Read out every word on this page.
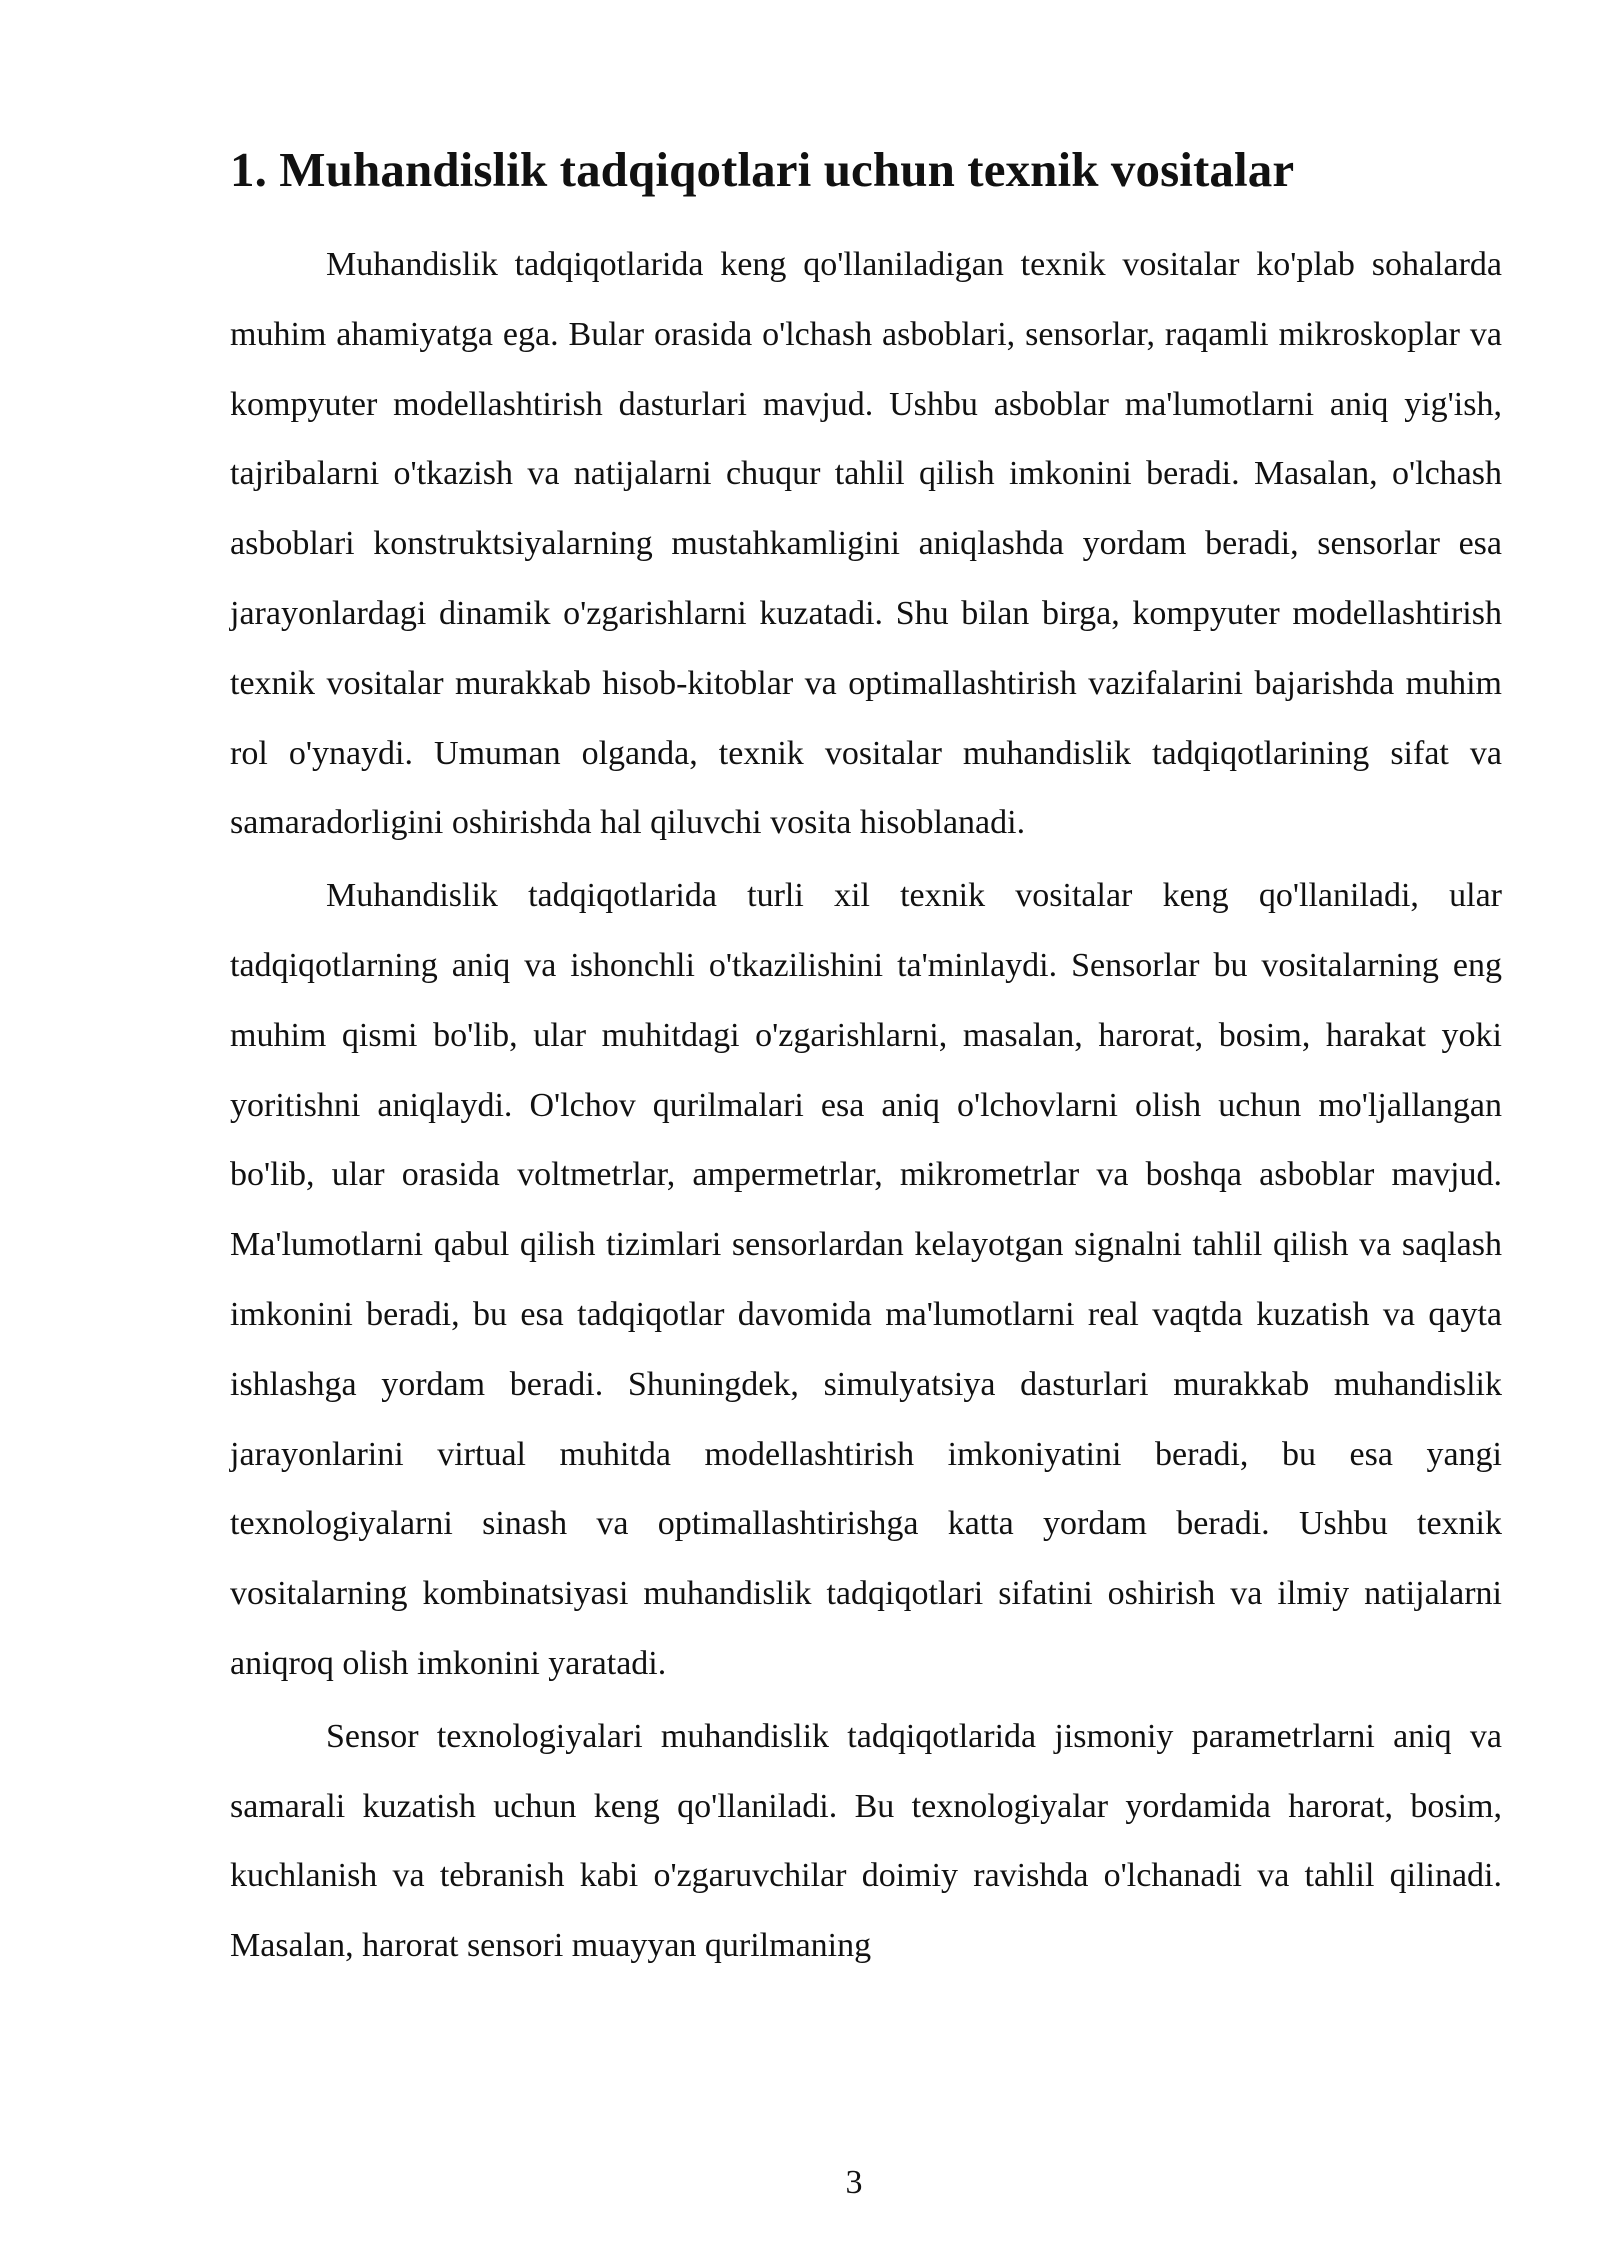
1. Muhandislik tadqiqotlari uchun texnik vositalar

Muhandislik tadqiqotlarida keng qo'llaniladigan texnik vositalar ko'plab sohalarda muhim ahamiyatga ega. Bular orasida o'lchash asboblari, sensorlar, raqamli mikroskoplar va kompyuter modellashtirish dasturlari mavjud. Ushbu asboblar ma'lumotlarni aniq yig'ish, tajribalarni o'tkazish va natijalarni chuqur tahlil qilish imkonini beradi. Masalan, o'lchash asboblari konstruktsiyalarning mustahkamligini aniqlashda yordam beradi, sensorlar esa jarayonlardagi dinamik o'zgarishlarni kuzatadi. Shu bilan birga, kompyuter modellashtirish texnik vositalar murakkab hisob-kitoblar va optimallashtirish vazifalarini bajarishda muhim rol o'ynaydi. Umuman olganda, texnik vositalar muhandislik tadqiqotlarining sifat va samaradorligini oshirishda hal qiluvchi vosita hisoblanadi.

Muhandislik tadqiqotlarida turli xil texnik vositalar keng qo'llaniladi, ular tadqiqotlarning aniq va ishonchli o'tkazilishini ta'minlaydi. Sensorlar bu vositalarning eng muhim qismi bo'lib, ular muhitdagi o'zgarishlarni, masalan, harorat, bosim, harakat yoki yoritishni aniqlaydi. O'lchov qurilmalari esa aniq o'lchovlarni olish uchun mo'ljallangan bo'lib, ular orasida voltmetrlar, ampermetrlar, mikrometrlar va boshqa asboblar mavjud. Ma'lumotlarni qabul qilish tizimlari sensorlardan kelayotgan signalni tahlil qilish va saqlash imkonini beradi, bu esa tadqiqotlar davomida ma'lumotlarni real vaqtda kuzatish va qayta ishlashga yordam beradi. Shuningdek, simulyatsiya dasturlari murakkab muhandislik jarayonlarini virtual muhitda modellashtirish imkoniyatini beradi, bu esa yangi texnologiyalarni sinash va optimallashtirishga katta yordam beradi. Ushbu texnik vositalarning kombinatsiyasi muhandislik tadqiqotlari sifatini oshirish va ilmiy natijalarni aniqroq olish imkonini yaratadi.

Sensor texnologiyalari muhandislik tadqiqotlarida jismoniy parametrlarni aniq va samarali kuzatish uchun keng qo'llaniladi. Bu texnologiyalar yordamida harorat, bosim, kuchlanish va tebranish kabi o'zgaruvchilar doimiy ravishda o'lchanadi va tahlil qilinadi. Masalan, harorat sensori muayyan qurilmaning

3
